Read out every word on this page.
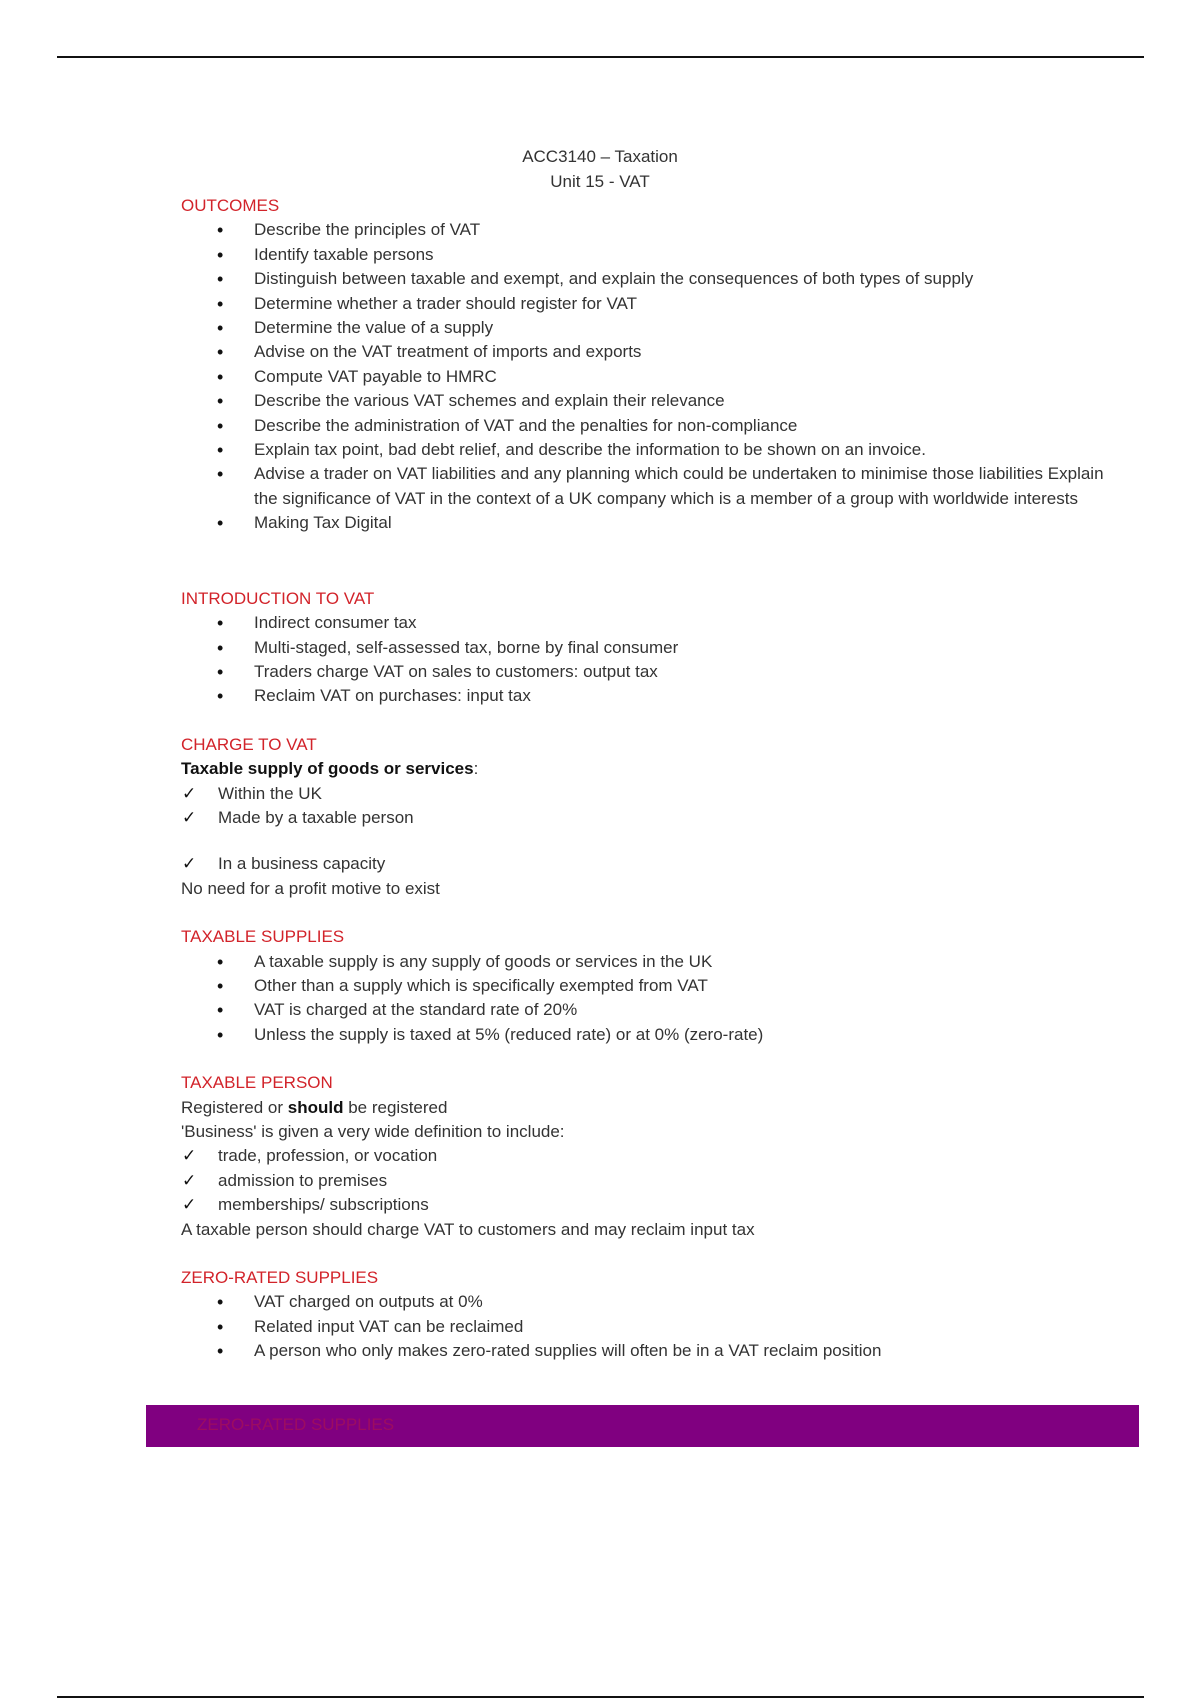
ACC3140 – Taxation
Unit 15 - VAT
OUTCOMES
• Describe the principles of VAT
• Identify taxable persons
• Distinguish between taxable and exempt, and explain the consequences of both types of supply
• Determine whether a trader should register for VAT
• Determine the value of a supply
• Advise on the VAT treatment of imports and exports
• Compute VAT payable to HMRC
• Describe the various VAT schemes and explain their relevance
• Describe the administration of VAT and the penalties for non-compliance
• Explain tax point, bad debt relief, and describe the information to be shown on an invoice.
• Advise a trader on VAT liabilities and any planning which could be undertaken to minimise those liabilities Explain the significance of VAT in the context of a UK company which is a member of a group with worldwide interests
• Making Tax Digital
INTRODUCTION TO VAT
• Indirect consumer tax
• Multi-staged, self-assessed tax, borne by final consumer
• Traders charge VAT on sales to customers: output tax
• Reclaim VAT on purchases: input tax
CHARGE TO VAT
Taxable supply of goods or services:
✓ Within the UK
✓ Made by a taxable person
✓ In a business capacity
No need for a profit motive to exist
TAXABLE SUPPLIES
• A taxable supply is any supply of goods or services in the UK
• Other than a supply which is specifically exempted from VAT
• VAT is charged at the standard rate of 20%
• Unless the supply is taxed at 5% (reduced rate) or at 0% (zero-rate)
TAXABLE PERSON
Registered or should be registered
'Business' is given a very wide definition to include:
✓ trade, profession, or vocation
✓ admission to premises
✓ memberships/ subscriptions
A taxable person should charge VAT to customers and may reclaim input tax
ZERO-RATED SUPPLIES
• VAT charged on outputs at 0%
• Related input VAT can be reclaimed
• A person who only makes zero-rated supplies will often be in a VAT reclaim position
ZERO-RATED SUPPLIES
